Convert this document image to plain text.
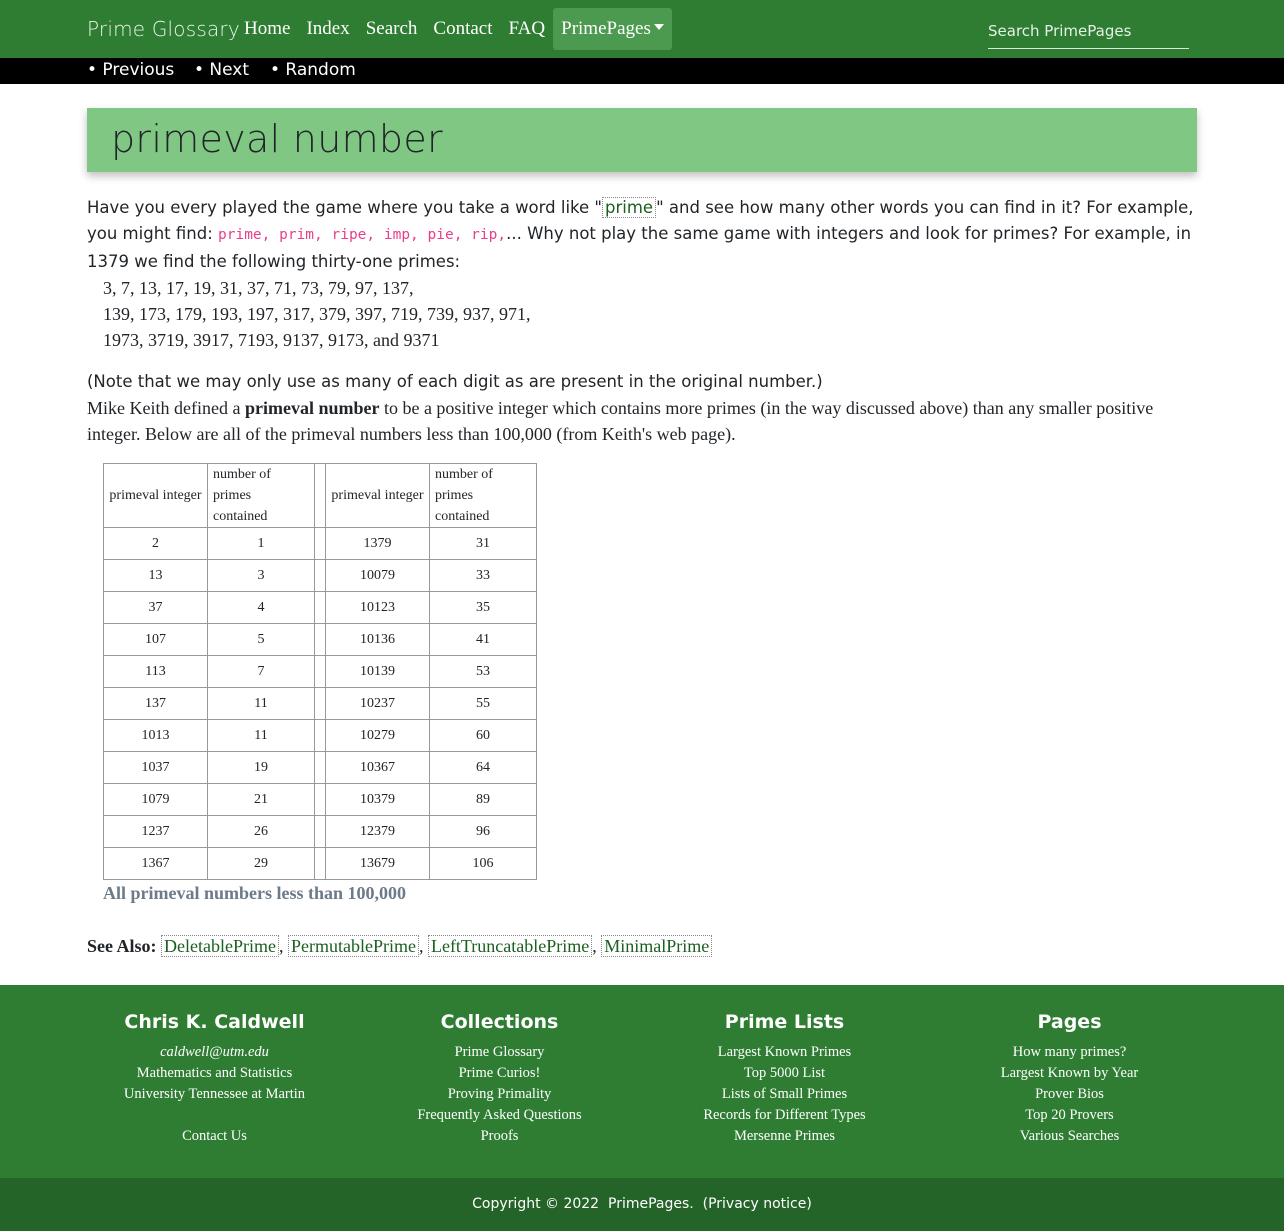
Prime Glossary Home Index Search Contact FAQ PrimePages
Search PrimePages
• Previous • Next • Random
primeval number

Have you every played the game where you take a word like " prime " and see how many other words you can find in it? For example, you might find: prime, prim, ripe, imp, pie, rip,... Why not play the same game with integers and look for primes? For example, in 1379 we find the following thirty-one primes:

3, 7, 13, 17, 19, 31, 37, 71, 73, 79, 97, 137,
139, 173, 179, 193, 197, 317, 379, 397, 719, 739, 937, 971,
1973, 3719, 3917, 7193, 9137, 9173, and 9371

(Note that we may only use as many of each digit as are present in the original number.)

Mike Keith defined a primeval number to be a positive integer which contains more primes (in the way discussed above) than any smaller positive integer. Below are all of the primeval numbers less than 100,000 (from Keith's web page).

primeval integer	number of
primes contained		primeval integer	number of
primes contained
2	1		1379	31
13	3		10079	33
37	4		10123	35
107	5		10136	41
113	7		10139	53
137	11		10237	55
1013	11		10279	60
1037	19		10367	64
1079	21		10379	89
1237	26		12379	96
1367	29		13679	106
All primeval numbers less than 100,000
See Also: DeletablePrime , PermutablePrime , LeftTruncatablePrime , MinimalPrime
Chris K. Caldwell
caldwell@utm.edu
Mathematics and Statistics
University Tennessee at Martin
Contact Us
Collections
Prime Glossary
Prime Curios!
Proving Primality
Frequently Asked Questions
Proofs
Prime Lists
Largest Known Primes
Top 5000 List
Lists of Small Primes
Records for Different Types
Mersenne Primes
Pages
How many primes?
Largest Known by Year
Prover Bios
Top 20 Provers
Various Searches
Copyright © 2022 PrimePages.  (Privacy notice)
